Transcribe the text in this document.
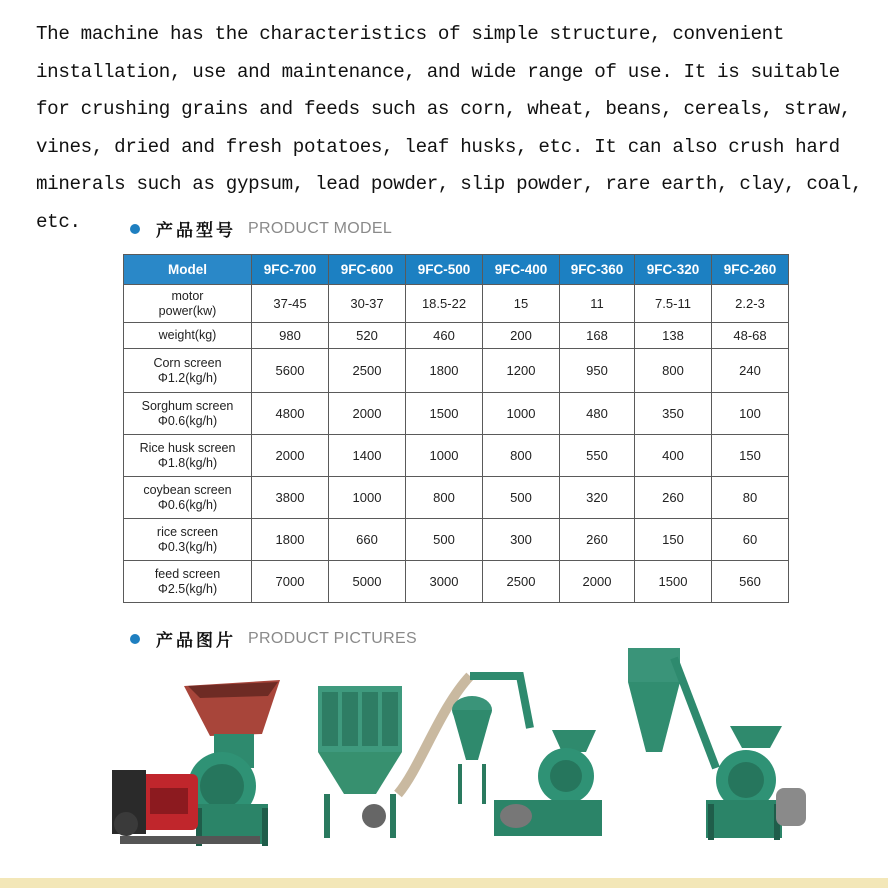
The machine has the characteristics of simple structure, convenient installation, use and maintenance, and wide range of use. It is suitable for crushing grains and feeds such as corn, wheat, beans, cereals, straw, vines, dried and fresh potatoes, leaf husks, etc. It can also crush hard minerals such as gypsum, lead powder, slip powder, rare earth, clay, coal, etc.	产品型号 PRODUCT MODEL
Model	9FC-700	9FC-600	9FC-500	9FC-400	9FC-360	9FC-320	9FC-260

motor
power(kw)	37-45	30-37	18.5-22	15	11	7.5-11	2.2-3

weight(kg)	980	520	460	200	168	138	48-68

Corn screen
Φ1.2(kg/h)	5600	2500	1800	1200	950	800	240

Sorghum screen
Φ0.6(kg/h)	4800	2000	1500	1000	480	350	100

Rice husk screen
Φ1.8(kg/h)	2000	1400	1000	800	550	400	150

coybean screen
Φ0.6(kg/h)	3800	1000	800	500	320	260	80

rice screen
Φ0.3(kg/h)	1800	660	500	300	260	150	60

feed screen
Φ2.5(kg/h)	7000	5000	3000	2500	2000	1500	560
产品图片 PRODUCT PICTURES
